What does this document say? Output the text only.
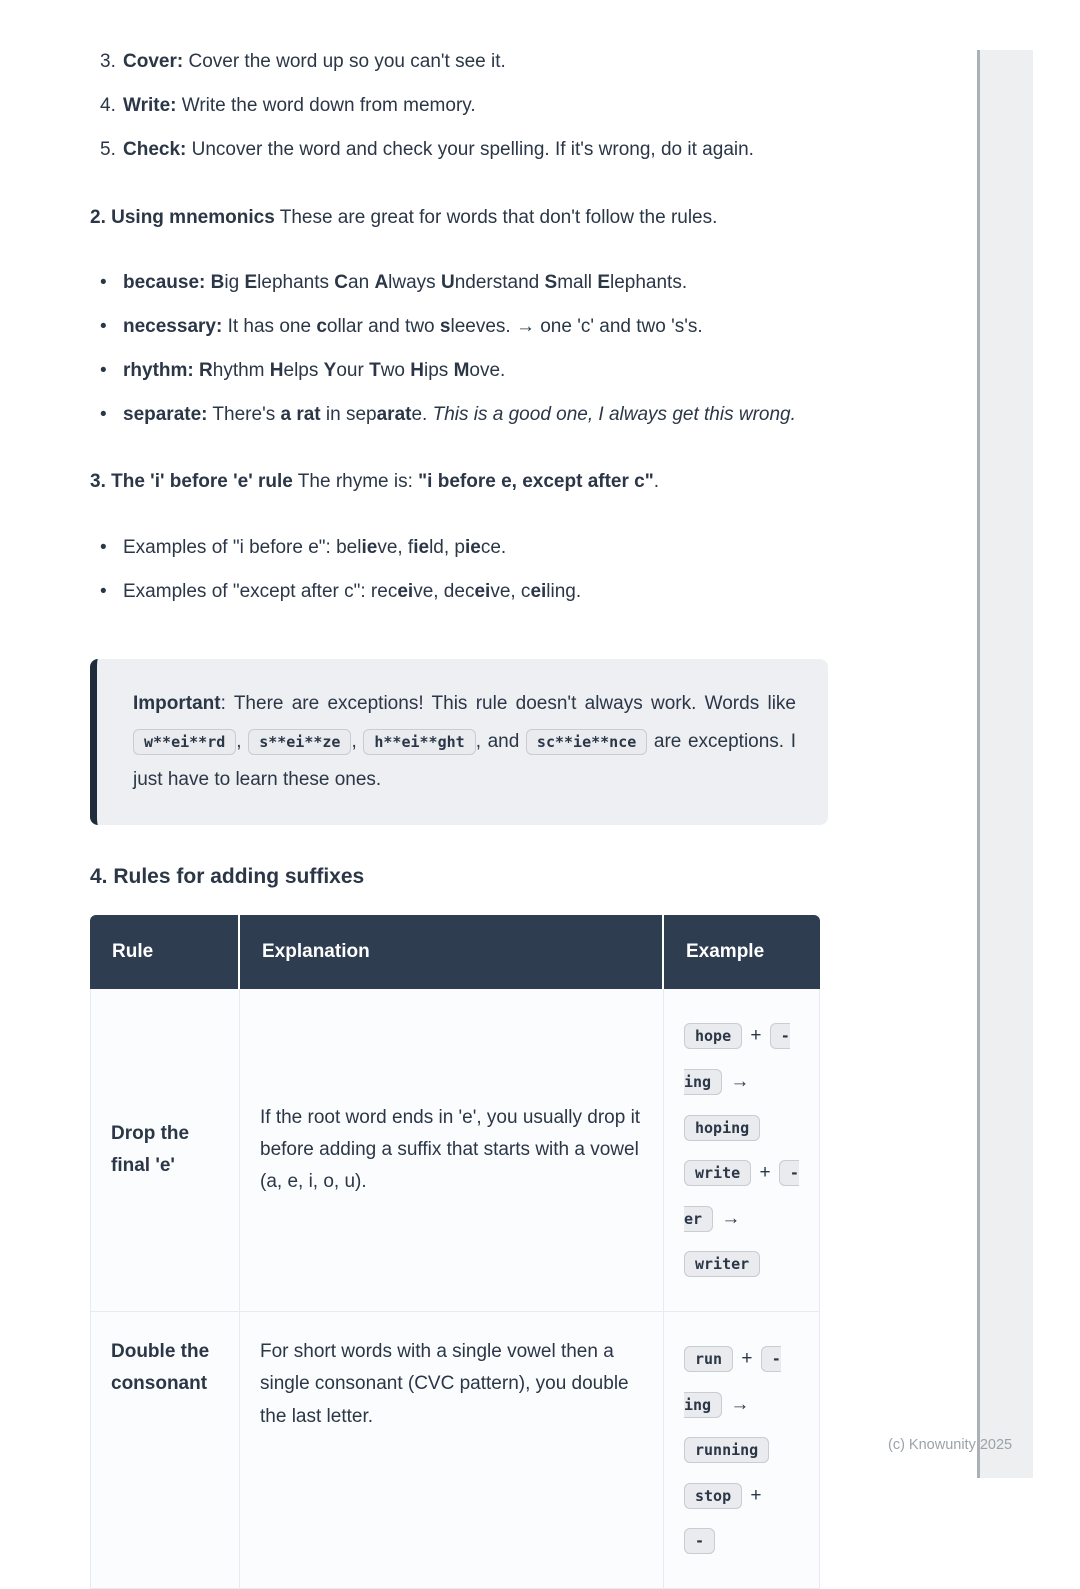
3. Cover: Cover the word up so you can't see it.
4. Write: Write the word down from memory.
5. Check: Uncover the word and check your spelling. If it's wrong, do it again.

2. Using mnemonics These are great for words that don't follow the rules.

•
because: Big Elephants Can Always Understand Small Elephants.
•
necessary: It has one collar and two sleeves. → one 'c' and two 's's.
•
rhythm: Rhythm Helps Your Two Hips Move.
•
separate: There's a rat in separate. This is a good one, I always get this wrong.

3. The 'i' before 'e' rule The rhyme is: "i before e, except after c".

•
Examples of "i before e": believe, field, piece.
•
Examples of "except after c": receive, deceive, ceiling.
Important: There are exceptions! This rule doesn't always work. Words like w**ei**rd , s**ei**ze , h**ei**ght , and sc**ie**nce are exceptions. I just have to learn these ones.
4. Rules for adding suffixes
Rule	Explanation	Example
Drop the final 'e'	If the root word ends in 'e', you usually drop it before adding a suffix that starts with a vowel (a, e, i, o, u).	hope + -ing → hoping write + -er → writer
Double the consonant	For short words with a single vowel then a single consonant (CVC pattern), you double the last letter.	run + -ing → running stop + -
(c) Knowunity 2025
